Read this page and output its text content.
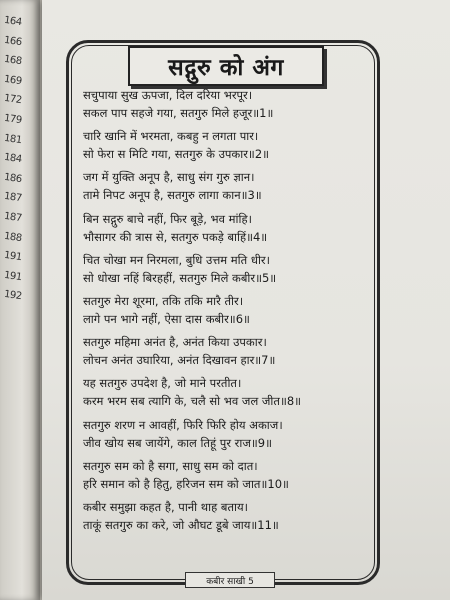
164
166
168
169
172
179
181
184
186
187
187
188
191
191
192
सद्गुरु को अंग
सचुपाया सुख ऊपजा, दिल दरिया भरपूर।
सकल पाप सहजे गया, सतगुरु मिले हजूर॥1॥
चारि खानि में भरमता, कबहु न लगता पार।
सो फेरा स मिटि गया, सतगुरु के उपकार॥2॥
जग में युक्ति अनूप है, साधु संग गुरु ज्ञान।
तामे निपट अनूप है, सतगुरु लागा कान॥3॥
बिन सद्गुरु बाचे नहीं, फिर बूड़े, भव मांहि।
भौसागर की त्रास से, सतगुरु पकड़े बाहिं॥4॥
चित चोखा मन निरमला, बुधि उत्तम मति धीर।
सो धोखा नहिं बिरहहीं, सतगुरु मिले कबीर॥5॥
सतगुरु मेरा शूरमा, तकि तकि मारै तीर।
लागे पन भागे नहीं, ऐसा दास कबीर॥6॥
सतगुरु महिमा अनंत है, अनंत किया उपकार।
लोचन अनंत उघारिया, अनंत दिखावन हार॥7॥
यह सतगुरु उपदेश है, जो माने परतीत।
करम भरम सब त्यागि के, चलै सो भव जल जीत॥8॥
सतगुरु शरण न आवहीं, फिरि फिरि होय अकाज।
जीव खोय सब जायेंगे, काल तिहूं पुर राज॥9॥
सतगुरु सम को है सगा, साधु सम को दात।
हरि समान को है हितु, हरिजन सम को जात॥10॥
कबीर समुझा कहत है, पानी थाह बताय।
ताकूं सतगुरु का करे, जो औघट डूबे जाय॥11॥
कबीर साखी 5
